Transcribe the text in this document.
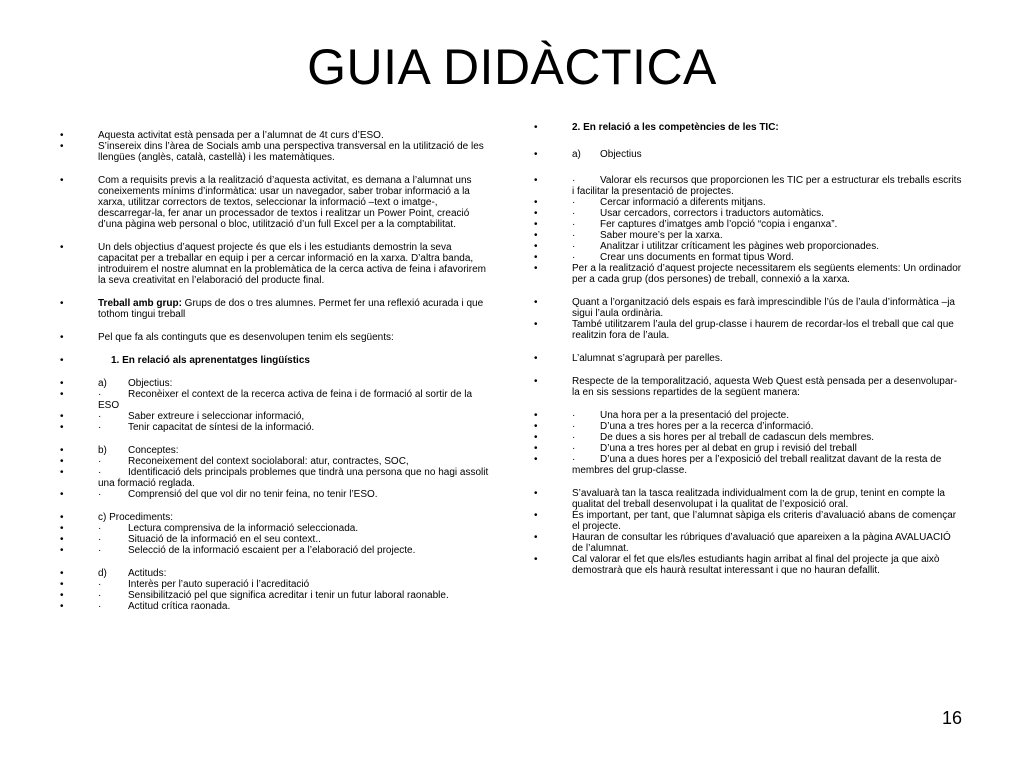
GUIA DIDÀCTICA
• Aquesta activitat està pensada per a l’alumnat de 4t curs d’ESO.
• S’insereix dins l’àrea de Socials amb una perspectiva transversal en la utilització de les llengües (anglès, català, castellà) i les matemàtiques.
• Com a requisits previs a la realització d’aquesta activitat, es demana a l’alumnat uns coneixements mínims d’informàtica: usar un navegador, saber trobar informació a la xarxa, utilitzar correctors de textos, seleccionar la informació –text o imatge-, descarregar-la, fer anar un processador de textos i realitzar un Power Point, creació d’una pàgina web personal o bloc, utilització d’un full Excel per a la comptabilitat.
• Un dels objectius d’aquest projecte és que els i les estudiants demostrin la seva capacitat per a treballar en equip i per a cercar informació en la xarxa. D’altra banda, introduirem el nostre alumnat en la problemàtica de la cerca activa de feina i afavorirem la seva creativitat en l’elaboració del producte final.
• Treball amb grup: Grups de dos o tres alumnes. Permet fer una reflexió acurada i que tothom tingui treball
• Pel que fa als continguts que es desenvolupen tenim els següents:
• 1. En relació als aprenentatges lingüístics
• a) Objectius:
• ·	Reconèixer el context de la recerca activa de feina i de formació al sortir de la ESO
• ·	Saber extreure i seleccionar informació,
• ·	Tenir capacitat de síntesi de la informació.
• b) Conceptes:
• ·	Reconeixement del context sociolaboral: atur, contractes, SOC,
• ·	Identificació dels principals problemes que tindrà una persona que no hagi assolit una formació reglada.
• ·	Comprensió del que vol dir no tenir feina, no tenir l’ESO.
• c) Procediments:
• ·	Lectura comprensiva de la informació seleccionada.
• ·	Situació de la informació en el seu context..
• ·	Selecció de la informació escaient per a l’elaboració del projecte.
• d) Actituds:
• ·	Interès per l’auto superació i l’acreditació
• ·	Sensibilització pel que significa acreditar i tenir un futur laboral raonable.
• ·	Actitud crítica raonada.
• 2. En relació a les competències de les TIC:
• a) Objectius
• · Valorar els recursos que proporcionen les TIC per a estructurar els treballs escrits i facilitar la presentació de projectes.
• · Cercar informació a diferents mitjans.
• · Usar cercadors, correctors i traductors automàtics.
• · Fer captures d’imatges amb l’opció “copia i enganxa”.
• · Saber moure’s per la xarxa.
• · Analitzar i utilitzar críticament les pàgines web proporcionades.
• · Crear uns documents en format tipus Word.
• Per a la realització d’aquest projecte necessitarem els següents elements: Un ordinador per a cada grup (dos persones) de treball, connexió a la xarxa.
• Quant a l’organització dels espais es farà imprescindible l’ús de l’aula d’informàtica –ja sigui l’aula ordinària.
• També utilitzarem l’aula del grup-classe i haurem de recordar-los el treball que cal que realitzin fora de l’aula.
• L’alumnat s’agruparà per parelles.
• Respecte de la temporalització, aquesta Web Quest està pensada per a desenvolupar-la en sis sessions repartides de la següent manera:
• · Una hora per a la presentació del projecte.
• · D’una a tres hores per a la recerca d’informació.
• · De dues a sis hores per al treball de cadascun dels membres.
• · D’una a tres hores per al debat en grup i revisió del treball
• · D’una a dues hores per a l’exposició del treball realitzat davant de la resta de membres del grup-classe.
• S’avaluarà tan la tasca realitzada individualment com la de grup, tenint en compte la qualitat del treball desenvolupat i la qualitat de l’exposició oral.
• És important, per tant, que l’alumnat sàpiga els criteris d’avaluació abans de començar el projecte.
• Hauran de consultar les rúbriques d’avaluació que apareixen a la pàgina AVALUACIÓ de l’alumnat.
• Cal valorar el fet que els/les estudiants hagin arribat al final del projecte ja que això demostrarà que els haurà resultat interessant i que no hauran defallit.
16
